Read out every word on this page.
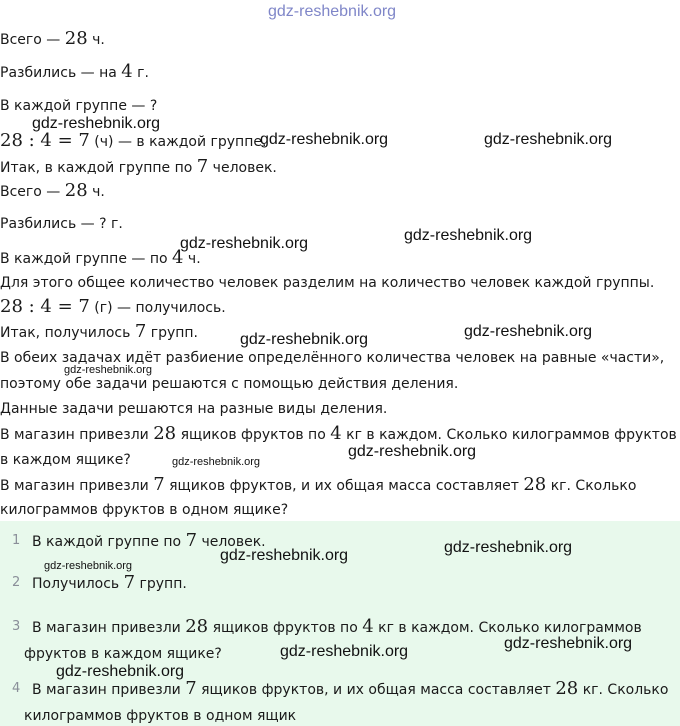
gdz-reshebnik.org
Всего — 28 ч.
Разбились — на 4 г.
В каждой группе — ?
28 : 4 = 7 (ч) — в каждой группе.
Итак, в каждой группе по 7 человек.
Всего — 28 ч.
Разбились — ? г.
В каждой группе — по 4 ч.
Для этого общее количество человек разделим на количество человек каждой группы.
28 : 4 = 7 (г) — получилось.
Итак, получилось 7 групп.
В обеих задачах идёт разбиение определённого количества человек на равные «части»,
поэтому обе задачи решаются с помощью действия деления.
Данные задачи решаются на разные виды деления.
В магазин привезли 28 ящиков фруктов по 4 кг в каждом. Сколько килограммов фруктов
в каждом ящике?
В магазин привезли 7 ящиков фруктов, и их общая масса составляет 28 кг. Сколько
килограммов фруктов в одном ящике?
1 В каждой группе по 7 человек.
2 Получилось 7 групп.
3 В магазин привезли 28 ящиков фруктов по 4 кг в каждом. Сколько килограммов
фруктов в каждом ящике?
4 В магазин привезли 7 ящиков фруктов, и их общая масса составляет 28 кг. Сколько
килограммов фруктов в одном ящик
gdz-reshebnik.org
gdz-reshebnik.org	gdz-reshebnik.org
gdz-reshebnik.org	gdz-reshebnik.org
gdz-reshebnik.org	gdz-reshebnik.org
gdz-reshebnik.org
gdz-reshebnik.org
gdz-reshebnik.org
gdz-reshebnik.org	gdz-reshebnik.org
gdz-reshebnik.org
gdz-reshebnik.org	gdz-reshebnik.org
gdz-reshebnik.org
